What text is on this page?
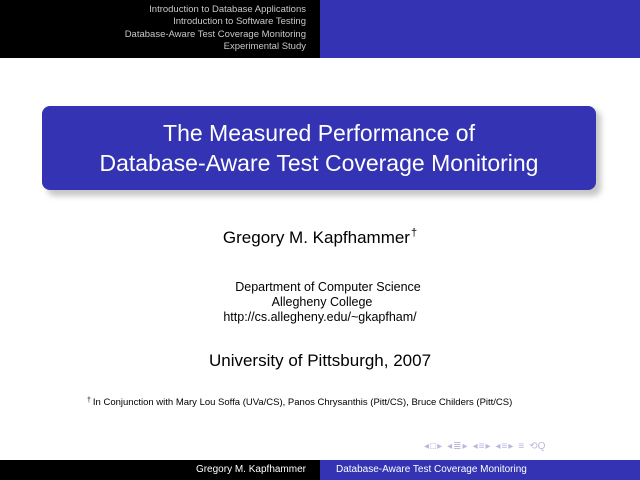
Introduction to Database Applications
Introduction to Software Testing
Database-Aware Test Coverage Monitoring
Experimental Study
The Measured Performance of
Database-Aware Test Coverage Monitoring
Gregory M. Kapfhammer†
Department of Computer Science
Allegheny College
http://cs.allegheny.edu/~gkapfham/
University of Pittsburgh, 2007
† In Conjunction with Mary Lou Soffa (UVa/CS), Panos Chrysanthis (Pitt/CS), Bruce Childers (Pitt/CS)
◂ □ ▸ ◂ ≣ ▸ ◂ ≡ ▸ ◂ ≡ ▸ ≡ ⟲Q
Gregory M. Kapfhammer	Database-Aware Test Coverage Monitoring
